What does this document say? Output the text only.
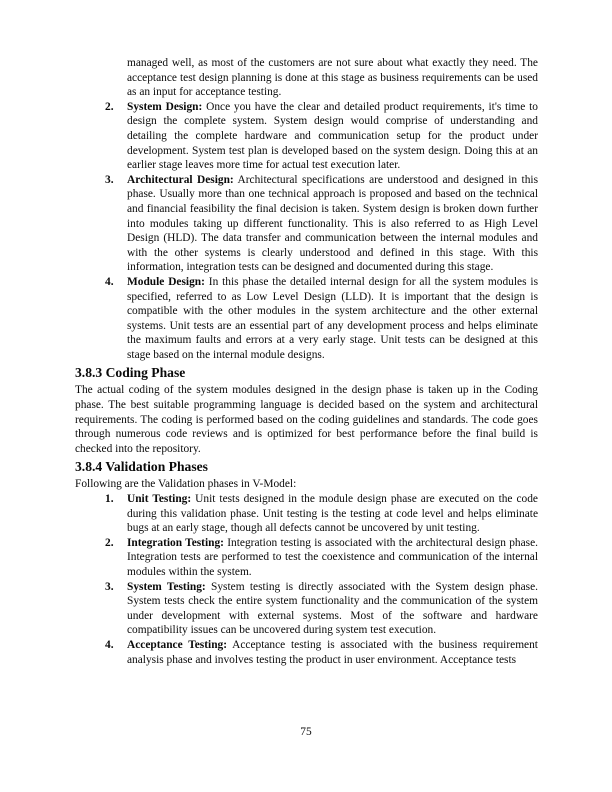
managed well, as most of the customers are not sure about what exactly they need. The acceptance test design planning is done at this stage as business requirements can be used as an input for acceptance testing.
2. System Design: Once you have the clear and detailed product requirements, it's time to design the complete system. System design would comprise of understanding and detailing the complete hardware and communication setup for the product under development. System test plan is developed based on the system design. Doing this at an earlier stage leaves more time for actual test execution later.
3. Architectural Design: Architectural specifications are understood and designed in this phase. Usually more than one technical approach is proposed and based on the technical and financial feasibility the final decision is taken. System design is broken down further into modules taking up different functionality. This is also referred to as High Level Design (HLD). The data transfer and communication between the internal modules and with the other systems is clearly understood and defined in this stage. With this information, integration tests can be designed and documented during this stage.
4. Module Design: In this phase the detailed internal design for all the system modules is specified, referred to as Low Level Design (LLD). It is important that the design is compatible with the other modules in the system architecture and the other external systems. Unit tests are an essential part of any development process and helps eliminate the maximum faults and errors at a very early stage. Unit tests can be designed at this stage based on the internal module designs.
3.8.3 Coding Phase
The actual coding of the system modules designed in the design phase is taken up in the Coding phase. The best suitable programming language is decided based on the system and architectural requirements. The coding is performed based on the coding guidelines and standards. The code goes through numerous code reviews and is optimized for best performance before the final build is checked into the repository.
3.8.4 Validation Phases
Following are the Validation phases in V-Model:
1. Unit Testing: Unit tests designed in the module design phase are executed on the code during this validation phase. Unit testing is the testing at code level and helps eliminate bugs at an early stage, though all defects cannot be uncovered by unit testing.
2. Integration Testing: Integration testing is associated with the architectural design phase. Integration tests are performed to test the coexistence and communication of the internal modules within the system.
3. System Testing: System testing is directly associated with the System design phase. System tests check the entire system functionality and the communication of the system under development with external systems. Most of the software and hardware compatibility issues can be uncovered during system test execution.
4. Acceptance Testing: Acceptance testing is associated with the business requirement analysis phase and involves testing the product in user environment. Acceptance tests
75
